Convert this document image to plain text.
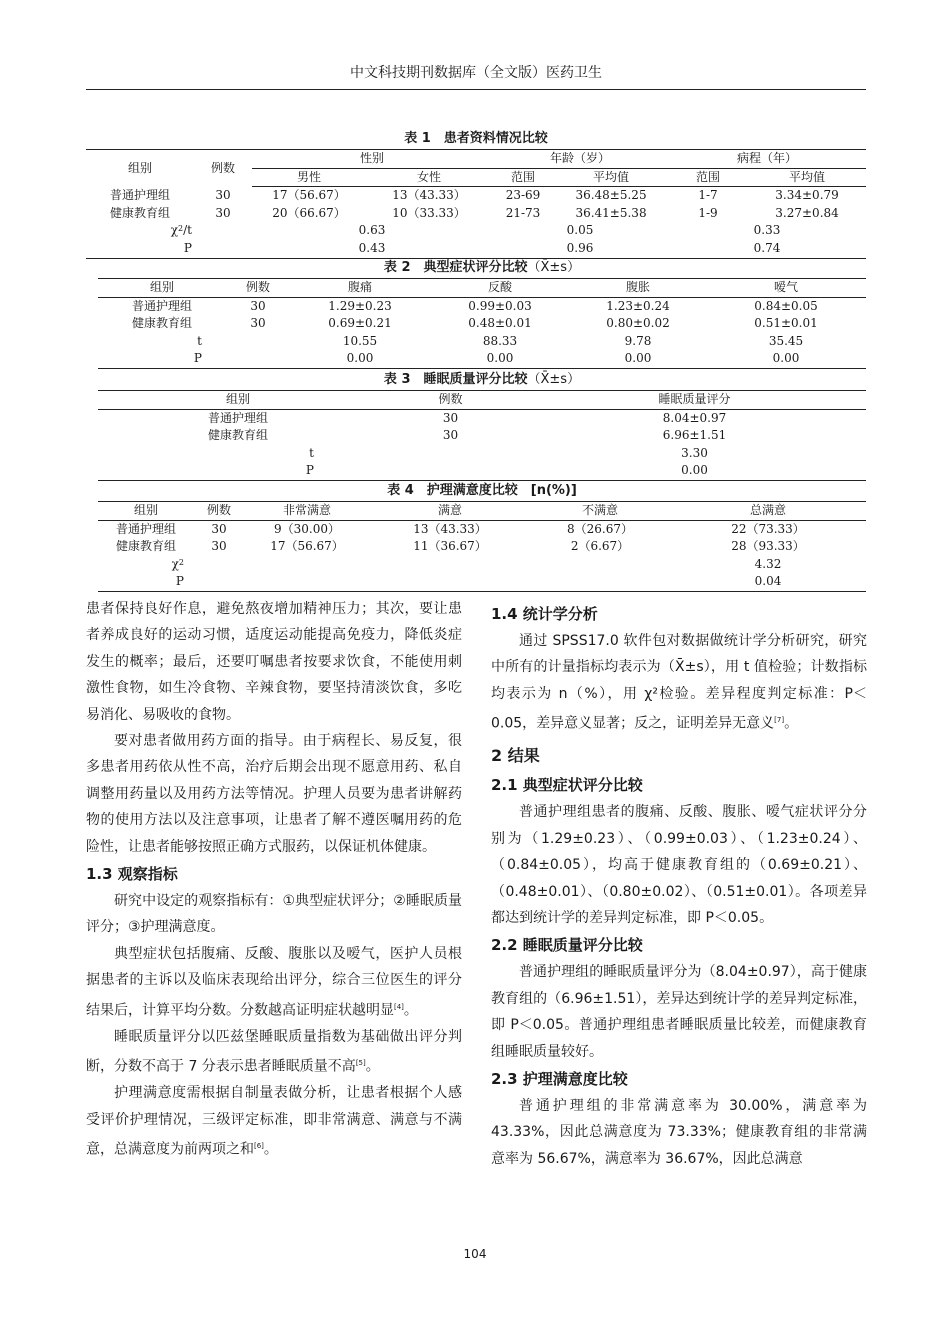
中文科技期刊数据库（全文版）医药卫生
表 1　患者资料情况比较
组别	例数	性别		年龄（岁）		病程（年）	
		男性	女性	范围	平均值	范围	平均值
普通护理组	30	17（56.67）	13（43.33）	23-69	36.48±5.25	1-7	3.34±0.79
健康教育组	30	20（66.67）	10（33.33）	21-73	36.41±5.38	1-9	3.27±0.84
$\chi^2/t$		0.63		0.05		0.33	
P		0.43		0.96		0.74	
表 2　典型症状评分比较（X̄±s）
组别	例数	腹痛	反酸	腹胀	嗳气
普通护理组	30	1.29±0.23	0.99±0.03	1.23±0.24	0.84±0.05
健康教育组	30	0.69±0.21	0.48±0.01	0.80±0.02	0.51±0.01
t		10.55	88.33	9.78	35.45
P		0.00	0.00	0.00	0.00
表 3　睡眠质量评分比较（X̄±s）
组别	例数	睡眠质量评分
普通护理组	30	8.04±0.97
健康教育组	30	6.96±1.51
t		3.30
P		0.00
表 4　护理满意度比较　[n(%)]
组别	例数	非常满意	满意	不满意	总满意
普通护理组	30	9（30.00）	13（43.33）	8（26.67）	22（73.33）
健康教育组	30	17（56.67）	11（36.67）	2（6.67）	28（93.33）
$\chi^2$					4.32
P					0.04

患者保持良好作息，避免熬夜增加精神压力；其次，要让患者养成良好的运动习惯，适度运动能提高免疫力，降低炎症发生的概率；最后，还要叮嘱患者按要求饮食，不能使用刺激性食物，如生冷食物、辛辣食物，要坚持清淡饮食，多吃易消化、易吸收的食物。

要对患者做用药方面的指导。由于病程长、易反复，很多患者用药依从性不高，治疗后期会出现不愿意用药、私自调整用药量以及用药方法等情况。护理人员要为患者讲解药物的使用方法以及注意事项，让患者了解不遵医嘱用药的危险性，让患者能够按照正确方式服药，以保证机体健康。

1.3 观察指标

研究中设定的观察指标有：①典型症状评分；②睡眠质量评分；③护理满意度。

典型症状包括腹痛、反酸、腹胀以及嗳气，医护人员根据患者的主诉以及临床表现给出评分，综合三位医生的评分结果后，计算平均分数。分数越高证明症状越明显[4]。

睡眠质量评分以匹兹堡睡眠质量指数为基础做出评分判断，分数不高于 7 分表示患者睡眠质量不高[5]。

护理满意度需根据自制量表做分析，让患者根据个人感受评价护理情况，三级评定标准，即非常满意、满意与不满意，总满意度为前两项之和[6]。

1.4 统计学分析

通过 SPSS17.0 软件包对数据做统计学分析研究，研究中所有的计量指标均表示为（X̄±s），用 t 值检验；计数指标均表示为 n（%），用 χ²检验。差异程度判定标准：P＜0.05，差异意义显著；反之，证明差异无意义[7]。

2 结果
2.1 典型症状评分比较

普通护理组患者的腹痛、反酸、腹胀、嗳气症状评分分别为（1.29±0.23）、（0.99±0.03）、（1.23±0.24）、（0.84±0.05），均高于健康教育组的（0.69±0.21）、（0.48±0.01）、（0.80±0.02）、（0.51±0.01）。各项差异都达到统计学的差异判定标准，即 P＜0.05。

2.2 睡眠质量评分比较

普通护理组的睡眠质量评分为（8.04±0.97），高于健康教育组的（6.96±1.51），差异达到统计学的差异判定标准，即 P＜0.05。普通护理组患者睡眠质量比较差，而健康教育组睡眠质量较好。

2.3 护理满意度比较

普通护理组的非常满意率为 30.00%，满意率为 43.33%，因此总满意度为 73.33%；健康教育组的非常满意率为 56.67%，满意率为 36.67%，因此总满意

104
